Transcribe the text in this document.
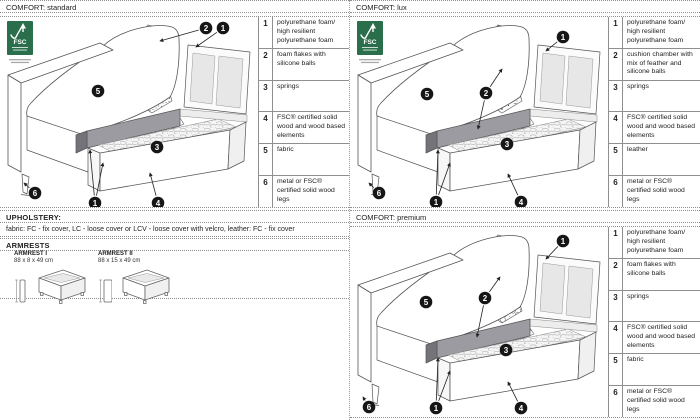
COMFORT: standard
FSC
2 1
5
3
6
1	4
1	polyurethane foam/ high resilient polyurethane foam
2	foam flakes with silicone balls
3	springs
4	FSC® certified solid wood and wood based elements
5	fabric
6	metal or FSC® certified solid wood legs
UPHOLSTERY:
fabric: FC - fix cover, LC - loose cover or LCV - loose cover with velcro, leather: FC - fix cover
ARMRESTS
ARMREST I
88 x 8 x 49 cm
ARMREST II
88 x 15 x 49 cm
COMFORT: lux
FSC
1
5	2
3
6
1	4
1	polyurethane foam/ high resilient polyurethane foam
2	cushion chamber with mix of feather and silicone balls
3	springs
4	FSC® certified solid wood and wood based elements
5	leather
6	metal or FSC® certified solid wood legs
COMFORT: premium
1
5	2
3
6	1	4
1	polyurethane foam/ high resilient polyurethane foam
2	foam flakes with silicone balls
3	springs
4	FSC® certified solid wood and wood based elements
5	fabric
6	metal or FSC® certified solid wood legs
